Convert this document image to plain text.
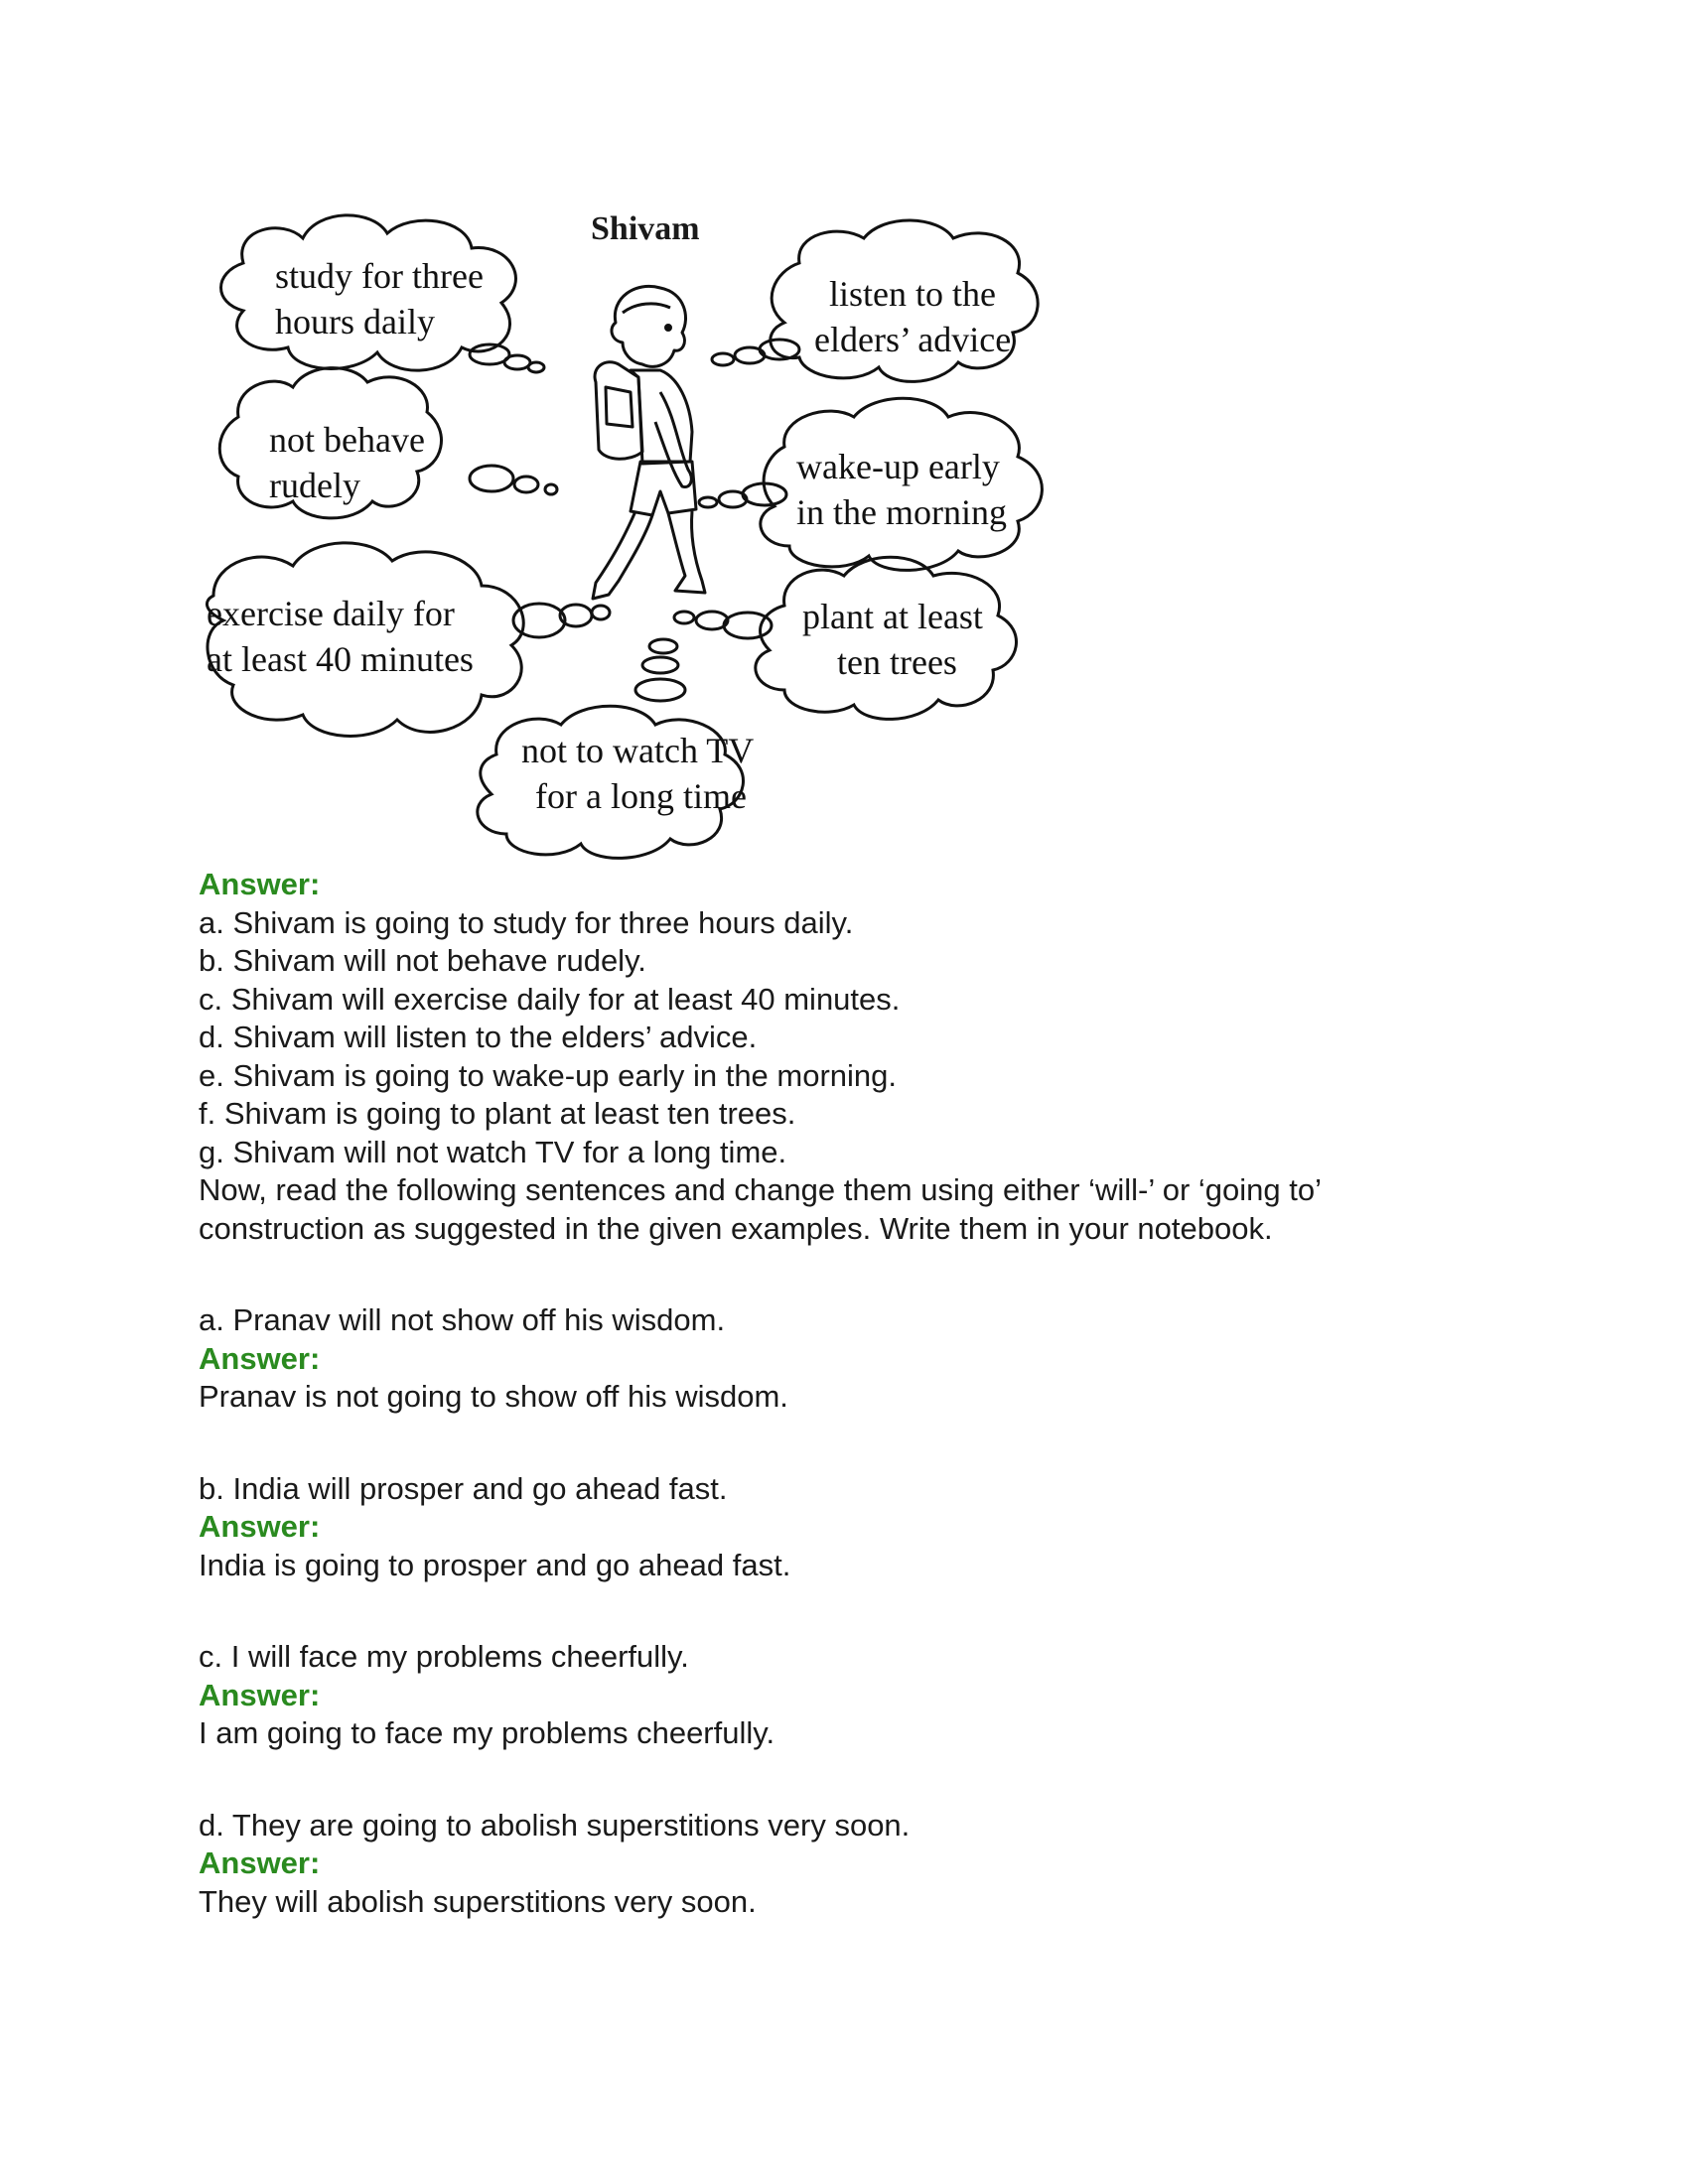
Shivam
study for three
hours daily
listen to the
elders’ advice
not behave
rudely	wake-up early
in the morning
exercise daily for
at least 40 minutes
plant at least
ten trees
not to watch TV
for a long time
Answer:
a. Shivam is going to study for three hours daily.
b. Shivam will not behave rudely.
c. Shivam will exercise daily for at least 40 minutes.
d. Shivam will listen to the elders’ advice.
e. Shivam is going to wake-up early in the morning.
f. Shivam is going to plant at least ten trees.
g. Shivam will not watch TV for a long time.
Now, read the following sentences and change them using either ‘will-’ or ‘going to’
construction as suggested in the given examples. Write them in your notebook.
a. Pranav will not show off his wisdom.
Answer:
Pranav is not going to show off his wisdom.
b. India will prosper and go ahead fast.
Answer:
India is going to prosper and go ahead fast.
c. I will face my problems cheerfully.
Answer:
I am going to face my problems cheerfully.
d. They are going to abolish superstitions very soon.
Answer:
They will abolish superstitions very soon.
